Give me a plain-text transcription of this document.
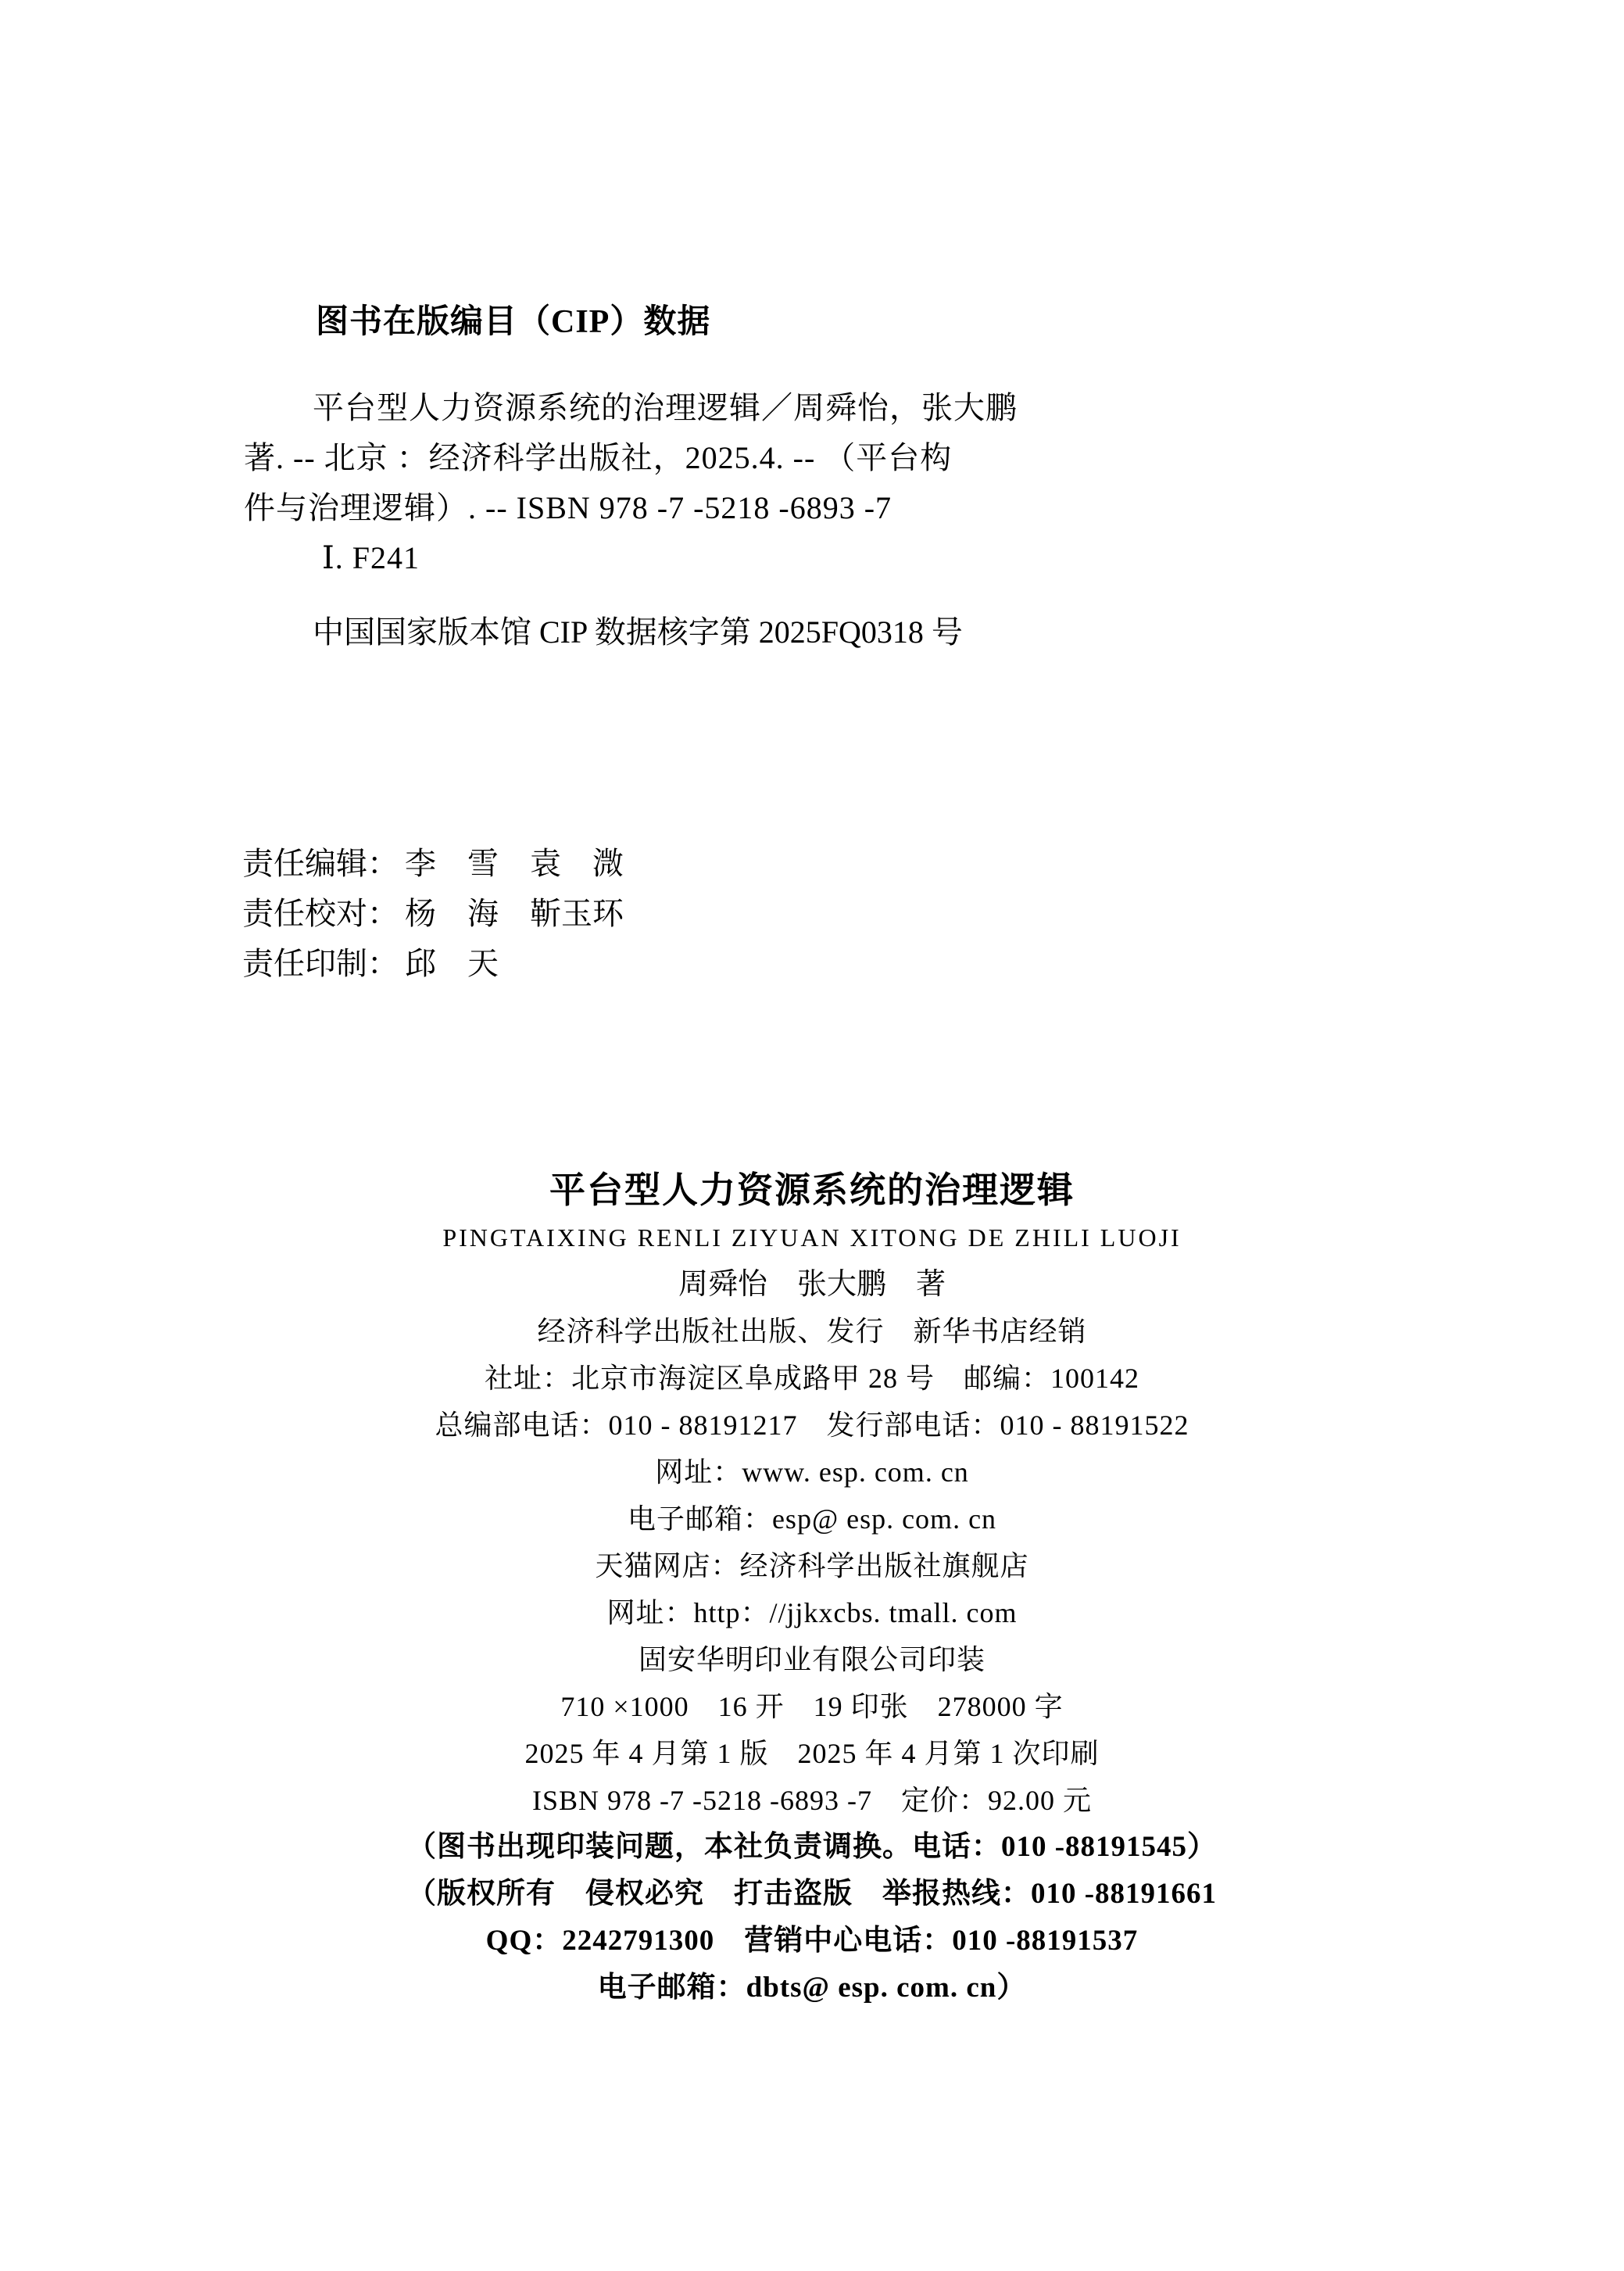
图书在版编目（CIP）数据

平台型人力资源系统的治理逻辑／周舜怡，张大鹏

著. -- 北京 ：经济科学出版社，2025.4. -- （平台构

件与治理逻辑）. -- ISBN 978 -7 -5218 -6893 -7

Ⅰ. F241

中国国家版本馆 CIP 数据核字第 2025FQ0318 号

责任编辑： 李　雪　袁　溦
责任校对： 杨　海　靳玉环
责任印制： 邱　天
平台型人力资源系统的治理逻辑
PINGTAIXING RENLI ZIYUAN XITONG DE ZHILI LUOJI
周舜怡　张大鹏　著
经济科学出版社出版、发行　新华书店经销
社址：北京市海淀区阜成路甲 28 号　邮编：100142
总编部电话：010 - 88191217　发行部电话：010 - 88191522
网址：www. esp. com. cn
电子邮箱：esp@ esp. com. cn
天猫网店：经济科学出版社旗舰店
网址：http：//jjkxcbs. tmall. com
固安华明印业有限公司印装
710 ×1000　16 开　19 印张　278000 字
2025 年 4 月第 1 版　2025 年 4 月第 1 次印刷
ISBN 978 -7 -5218 -6893 -7　定价：92.00 元
（图书出现印装问题，本社负责调换。电话：010 -88191545）
（版权所有　侵权必究　打击盗版　举报热线：010 -88191661
QQ：2242791300　营销中心电话：010 -88191537
电子邮箱：dbts@ esp. com. cn）
